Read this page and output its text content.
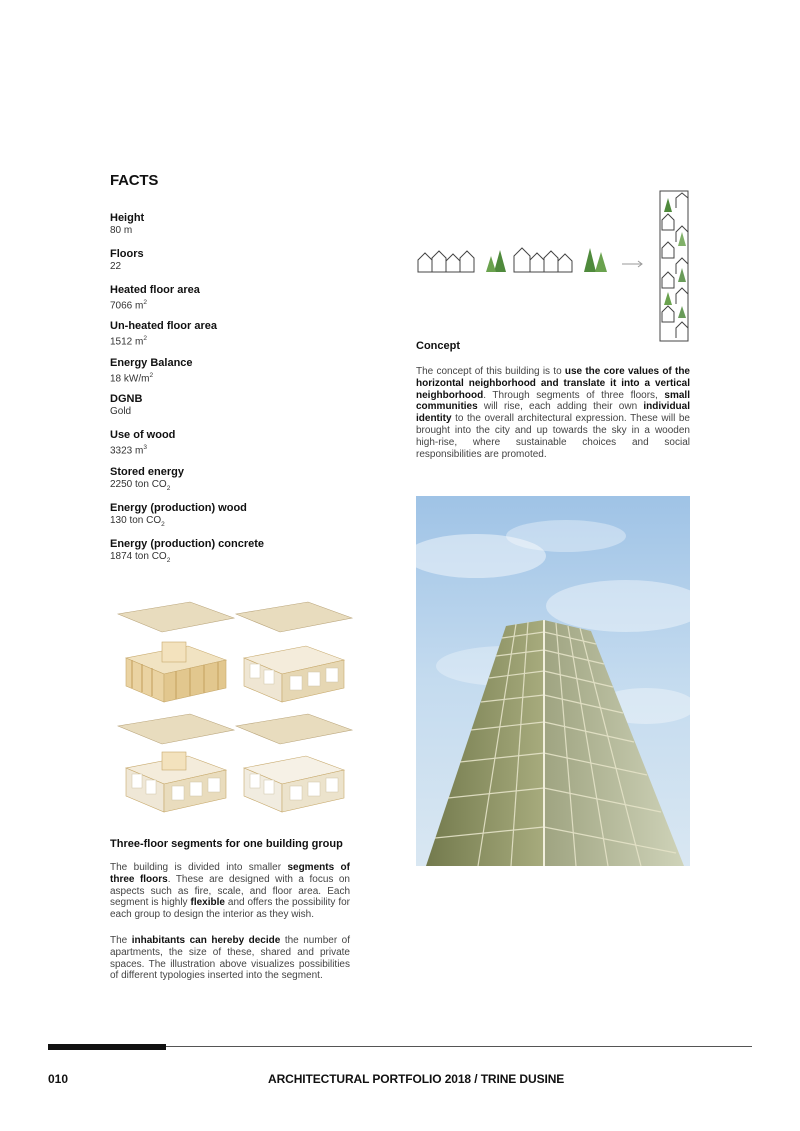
FACTS
Height
80 m
Floors
22
Heated floor area
7066 $m^2$
Un-heated floor area
1512 $m^2$
Energy Balance
18 $kW/m^2$
DGNB
Gold
Use of wood
3323 $m^3$
Stored energy
2250 ton $CO_2$
Energy (production) wood
130 ton $CO_2$
Energy (production) concrete
1874 ton $CO_2$
Concept
The concept of this building is to use the core values of the horizontal neighborhood and translate it into a vertical neighborhood. Through segments of three floors, small communities will rise, each adding their own individual identity to the overall architectural expression. These will be brought into the city and up towards the sky in a wooden high-rise, where sustainable choices and social responsibilities are promoted.
Three-floor segments for one building group
The building is divided into smaller segments of three floors. These are designed with a focus on aspects such as fire, scale, and floor area. Each segment is highly flexible and offers the possibility for each group to design the interior as they wish.
The inhabitants can hereby decide the number of apartments, the size of these, shared and private spaces. The illustration above visualizes possibilities of different typologies inserted into the segment.
010	ARCHITECTURAL PORTFOLIO 2018 / TRINE DUSINE
